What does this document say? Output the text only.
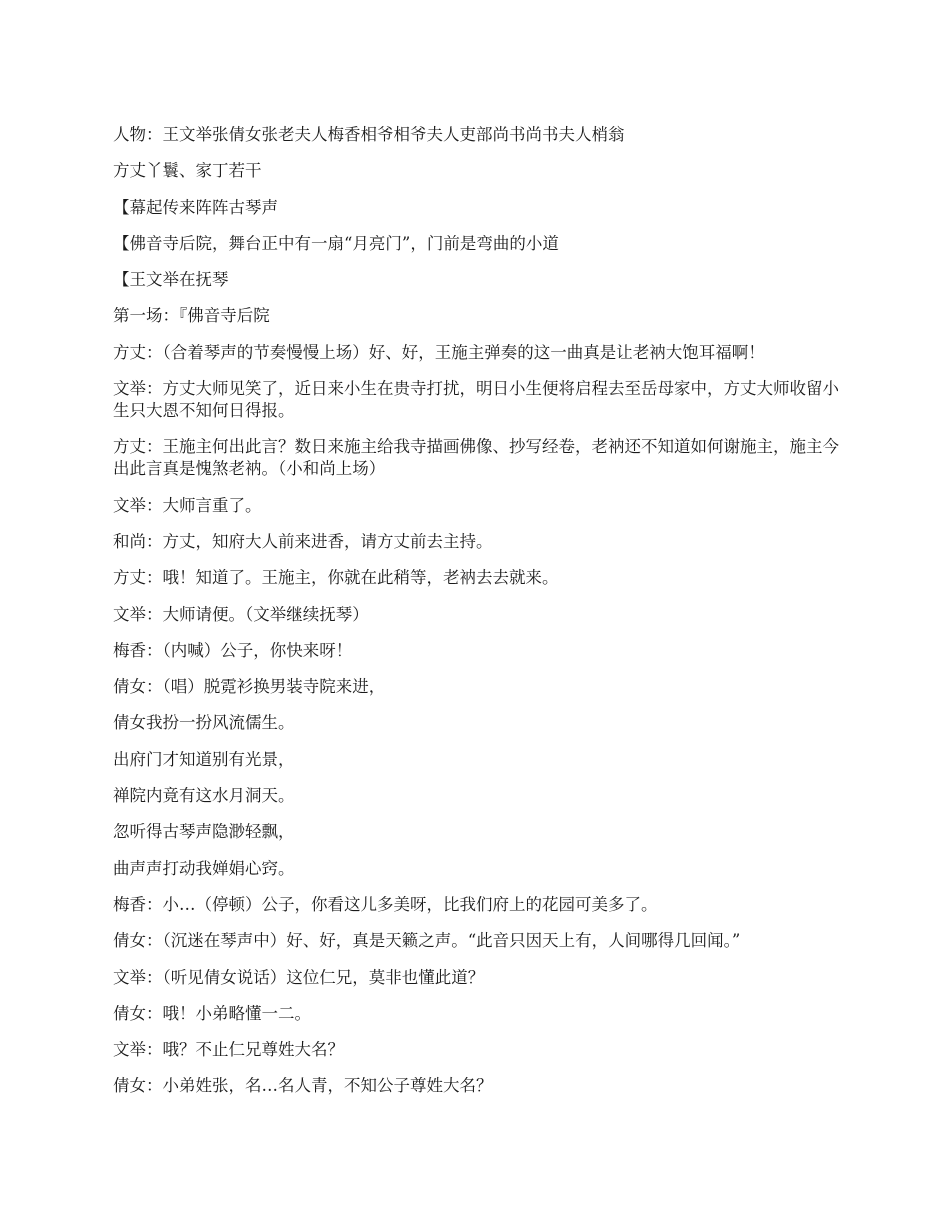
人物：王文举张倩女张老夫人梅香相爷相爷夫人吏部尚书尚书夫人梢翁

方丈丫鬟、家丁若干

【幕起传来阵阵古琴声

【佛音寺后院，舞台正中有一扇“月亮门”，门前是弯曲的小道

【王文举在抚琴

第一场：『佛音寺后院

方丈：（合着琴声的节奏慢慢上场）好、好，王施主弹奏的这一曲真是让老衲大饱耳福啊！

文举：方丈大师见笑了，近日来小生在贵寺打扰，明日小生便将启程去至岳母家中，方丈大师收留小生只大恩不知何日得报。

方丈：王施主何出此言？数日来施主给我寺描画佛像、抄写经卷，老衲还不知道如何谢施主，施主今出此言真是愧煞老衲。（小和尚上场）

文举：大师言重了。

和尚：方丈，知府大人前来进香，请方丈前去主持。

方丈：哦！知道了。王施主，你就在此稍等，老衲去去就来。

文举：大师请便。（文举继续抚琴）

梅香：（内喊）公子，你快来呀！

倩女：（唱）脱霓衫换男装寺院来进，

倩女我扮一扮风流儒生。

出府门才知道别有光景，

禅院内竟有这水月洞天。

忽听得古琴声隐渺轻飘，

曲声声打动我婵娟心窍。

梅香：小…（停顿）公子，你看这儿多美呀，比我们府上的花园可美多了。

倩女：（沉迷在琴声中）好、好，真是天籁之声。“此音只因天上有，人间哪得几回闻。”

文举：（听见倩女说话）这位仁兄，莫非也懂此道？

倩女：哦！小弟略懂一二。

文举：哦？不止仁兄尊姓大名？

倩女：小弟姓张，名…名人青，不知公子尊姓大名？
